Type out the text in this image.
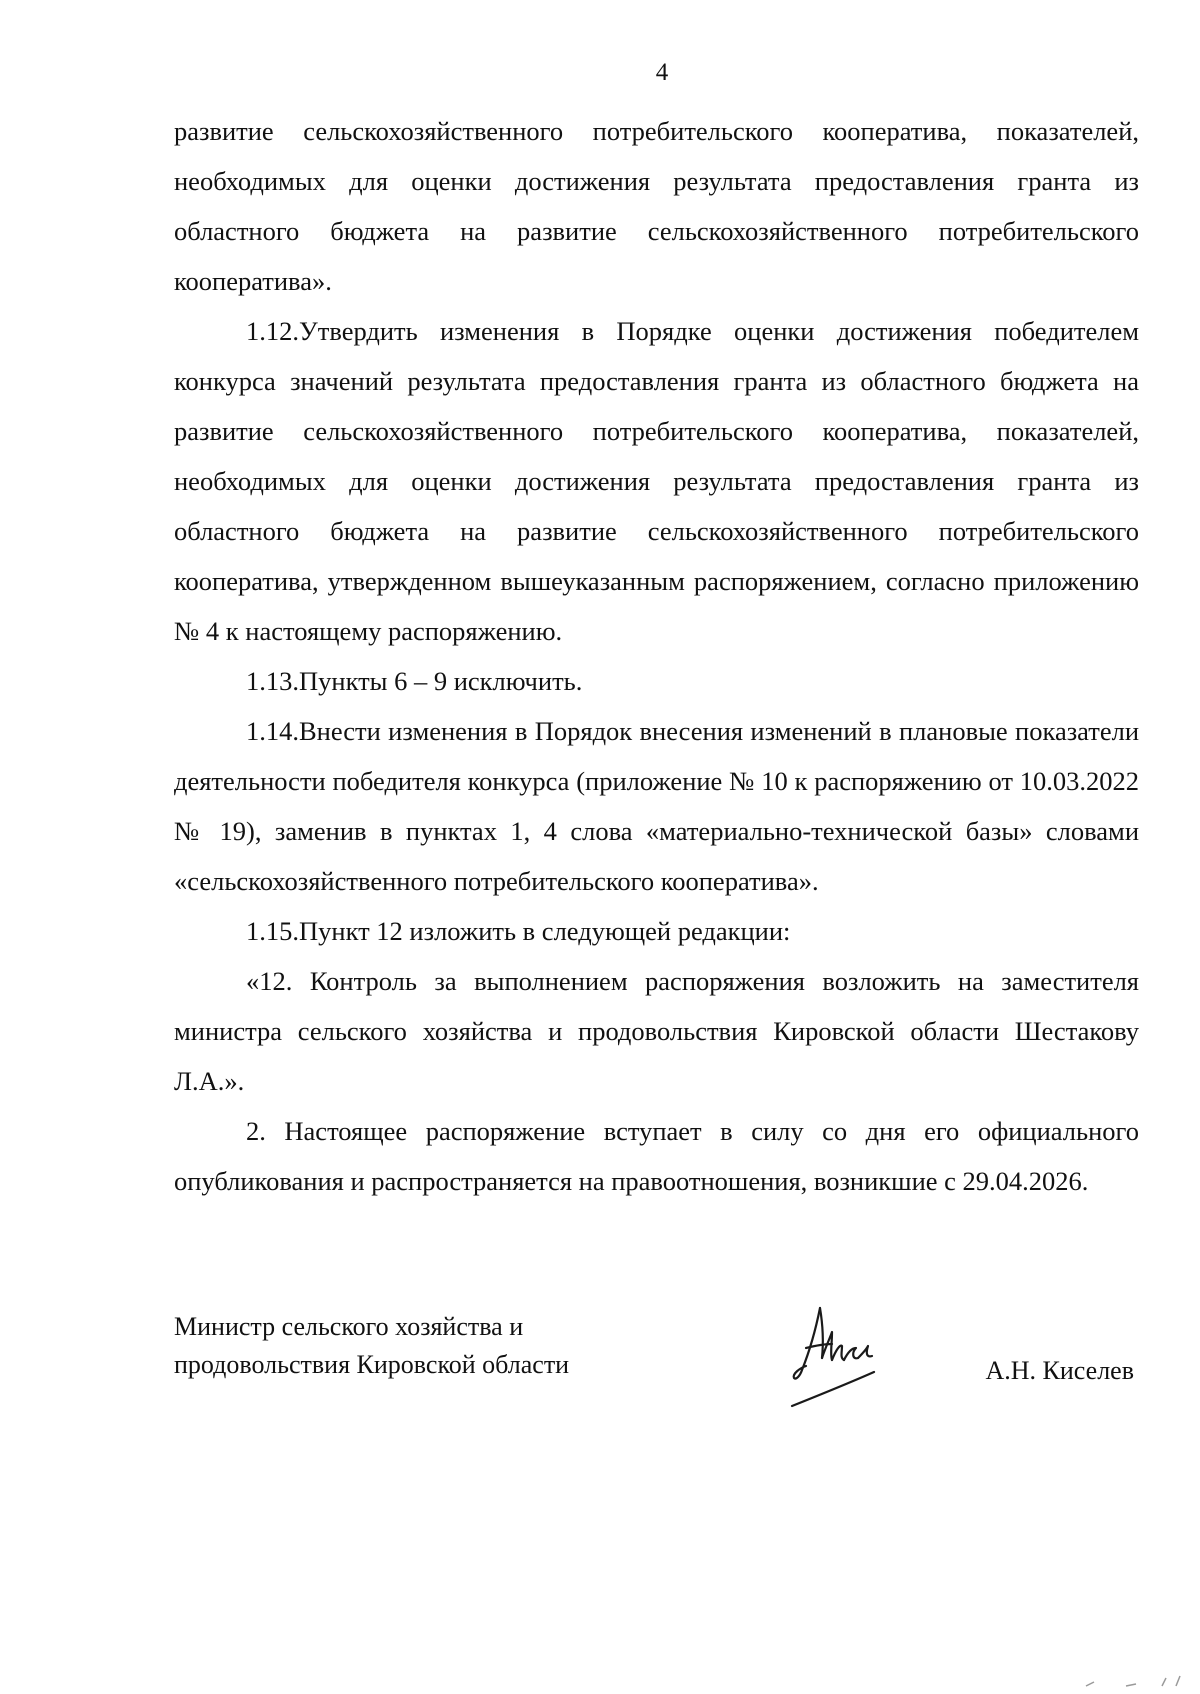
4

развитие сельскохозяйственного потребительского кооператива, показателей, необходимых для оценки достижения результата предоставления гранта из областного бюджета на развитие сельскохозяйственного потребительского кооператива».

1.12.Утвердить изменения в Порядке оценки достижения победителем конкурса значений результата предоставления гранта из областного бюджета на развитие сельскохозяйственного потребительского кооператива, показателей, необходимых для оценки достижения результата предоставления гранта из областного бюджета на развитие сельскохозяйственного потребительского кооператива, утвержденном вышеуказанным распоряжением, согласно приложению № 4 к настоящему распоряжению.

1.13.Пункты 6 – 9 исключить.

1.14.Внести изменения в Порядок внесения изменений в плановые показатели деятельности победителя конкурса (приложение № 10 к распоряжению от 10.03.2022 № 19), заменив в пунктах 1, 4 слова «материально-технической базы» словами «сельскохозяйственного потребительского кооператива».

1.15.Пункт 12 изложить в следующей редакции:

«12. Контроль за выполнением распоряжения возложить на заместителя министра сельского хозяйства и продовольствия Кировской области Шестакову Л.А.».

2. Настоящее распоряжение вступает в силу со дня его официального опубликования и распространяется на правоотношения, возникшие с 29.04.2026.

Министр сельского хозяйства и
продовольствия Кировской области	А.Н. Киселев
